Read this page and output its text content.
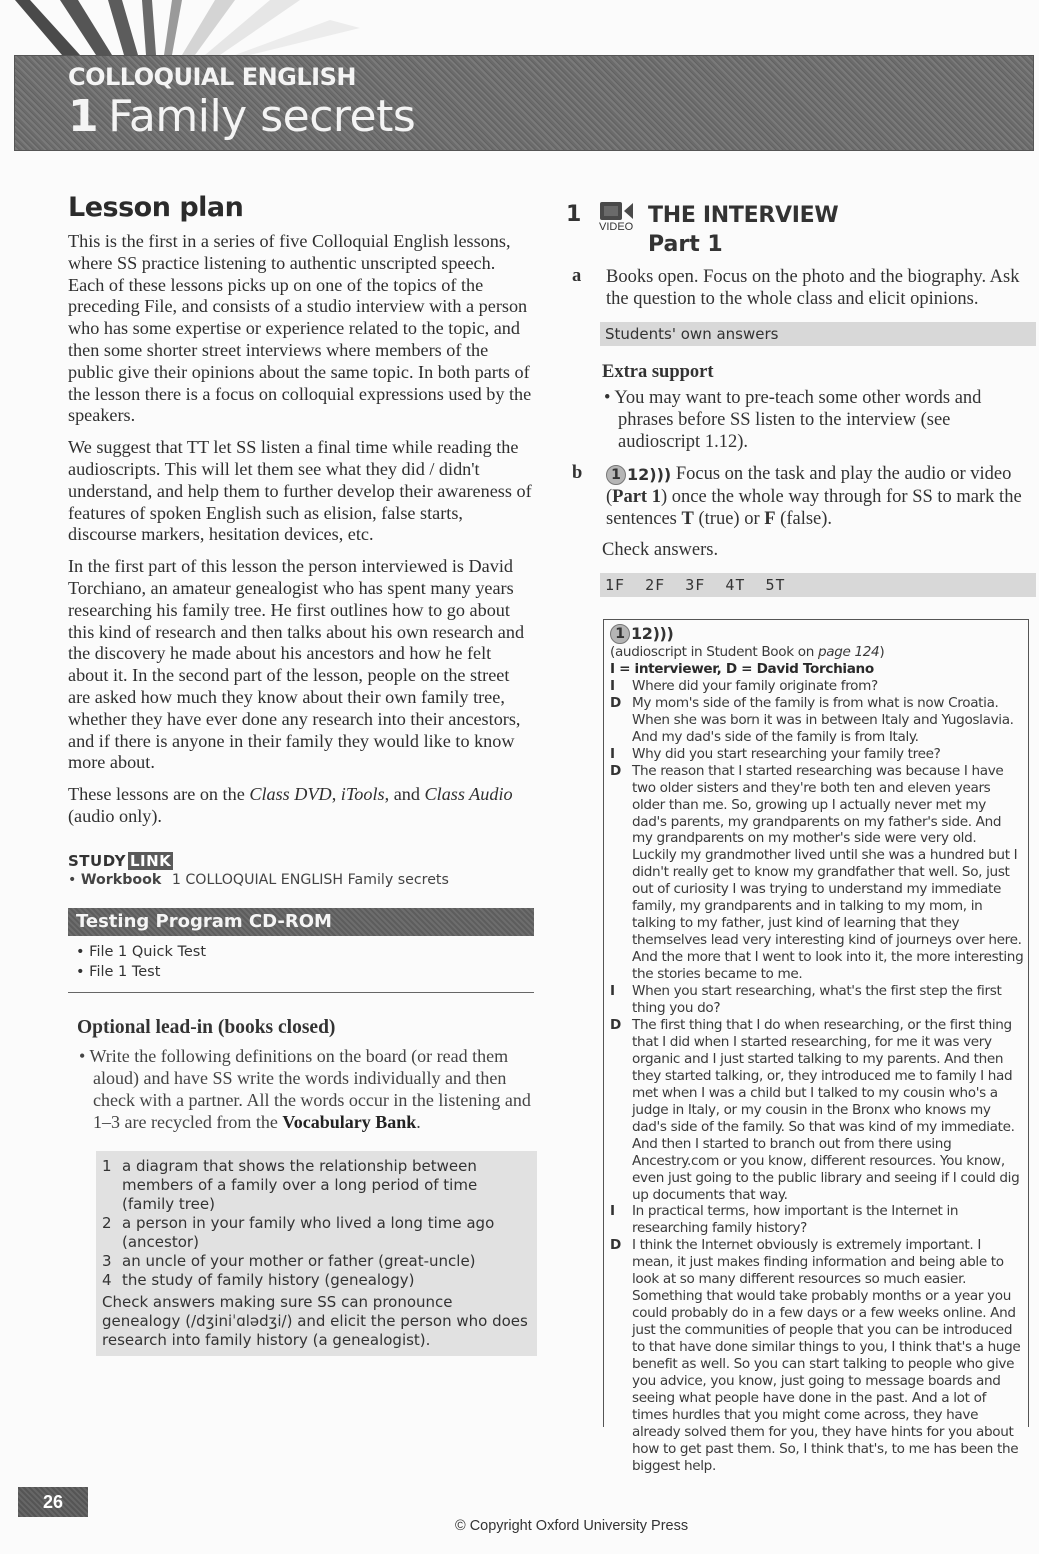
COLLOQUIAL ENGLISH
1 Family secrets
Lesson plan

This is the first in a series of five Colloquial English lessons, where SS practice listening to authentic unscripted speech. Each of these lessons picks up on one of the topics of the preceding File, and consists of a studio interview with a person who has some expertise or experience related to the topic, and then some shorter street interviews where members of the public give their opinions about the same topic. In both parts of the lesson there is a focus on colloquial expressions used by the speakers.

We suggest that TT let SS listen a final time while reading the audioscripts. This will let them see what they did / didn't understand, and help them to further develop their awareness of features of spoken English such as elision, false starts, discourse markers, hesitation devices, etc.

In the first part of this lesson the person interviewed is David Torchiano, an amateur genealogist who has spent many years researching his family tree. He first outlines how to go about this kind of research and then talks about his own research and the discovery he made about his ancestors and how he felt about it. In the second part of the lesson, people on the street are asked how much they know about their own family tree, whether they have ever done any research into their ancestors, and if there is anyone in their family they would like to know more about.

These lessons are on the Class DVD, iTools, and Class Audio (audio only).

STUDY LINK
• Workbook 1 COLLOQUIAL ENGLISH Family secrets
Testing Program CD-ROM
• File 1 Quick Test
• File 1 Test
Optional lead-in (books closed)

• Write the following definitions on the board (or read them aloud) and have SS write the words individually and then check with a partner. All the words occur in the listening and 1–3 are recycled from the Vocabulary Bank.

1 a diagram that shows the relationship between members of a family over a long period of time (family tree)
2 a person in your family who lived a long time ago (ancestor)
3 an uncle of your mother or father (great-uncle)
4 the study of family history (genealogy)
Check answers making sure SS can pronounce genealogy (/dʒiniˈɑlədʒi/) and elicit the person who does research into family history (a genealogist).
1 VIDEO THE INTERVIEW
Part 1
a	Books open. Focus on the photo and the biography. Ask the question to the whole class and elicit opinions.
Students' own answers
Extra support

• You may want to pre-teach some other words and phrases before SS listen to the interview (see audioscript 1.12).

b	1 12 ))) Focus on the task and play the audio or video (Part 1) once the whole way through for SS to mark the sentences T (true) or F (false).
Check answers.
1F  2F  3F  4T  5T
1 12 )))
(audioscript in Student Book on page 124)
I = interviewer, D = David Torchiano
I	Where did your family originate from?
D My mom's side of the family is from what is now Croatia. When she was born it was in between Italy and Yugoslavia. And my dad's side of the family is from Italy.
I	Why did you start researching your family tree?
D The reason that I started researching was because I have two older sisters and they're both ten and eleven years older than me. So, growing up I actually never met my dad's parents, my grandparents on my father's side. And my grandparents on my mother's side were very old. Luckily my grandmother lived until she was a hundred but I didn't really get to know my grandfather that well. So, just out of curiosity I was trying to understand my immediate family, my grandparents and in talking to my mom, in talking to my father, just kind of learning that they themselves lead very interesting kind of journeys over here. And the more that I went to look into it, the more interesting the stories became to me.
I	When you start researching, what's the first step the first thing you do?
D The first thing that I do when researching, or the first thing that I did when I started researching, for me it was very organic and I just started talking to my parents. And then they started talking, or, they introduced me to family I had met when I was a child but I talked to my cousin who's a judge in Italy, or my cousin in the Bronx who knows my dad's side of the family. So that was kind of my immediate. And then I started to branch out from there using Ancestry.com or you know, different resources. You know, even just going to the public library and seeing if I could dig up documents that way.
I	In practical terms, how important is the Internet in researching family history?
D I think the Internet obviously is extremely important. I mean, it just makes finding information and being able to look at so many different resources so much easier. Something that would take probably months or a year you could probably do in a few days or a few weeks online. And just the communities of people that you can be introduced to that have done similar things to you, I think that's a huge benefit as well. So you can start talking to people who give you advice, you know, just going to message boards and seeing what people have done in the past. And a lot of times hurdles that you might come across, they have already solved them for you, they have hints for you about how to get past them. So, I think that's, to me has been the biggest help.
26
© Copyright Oxford University Press
